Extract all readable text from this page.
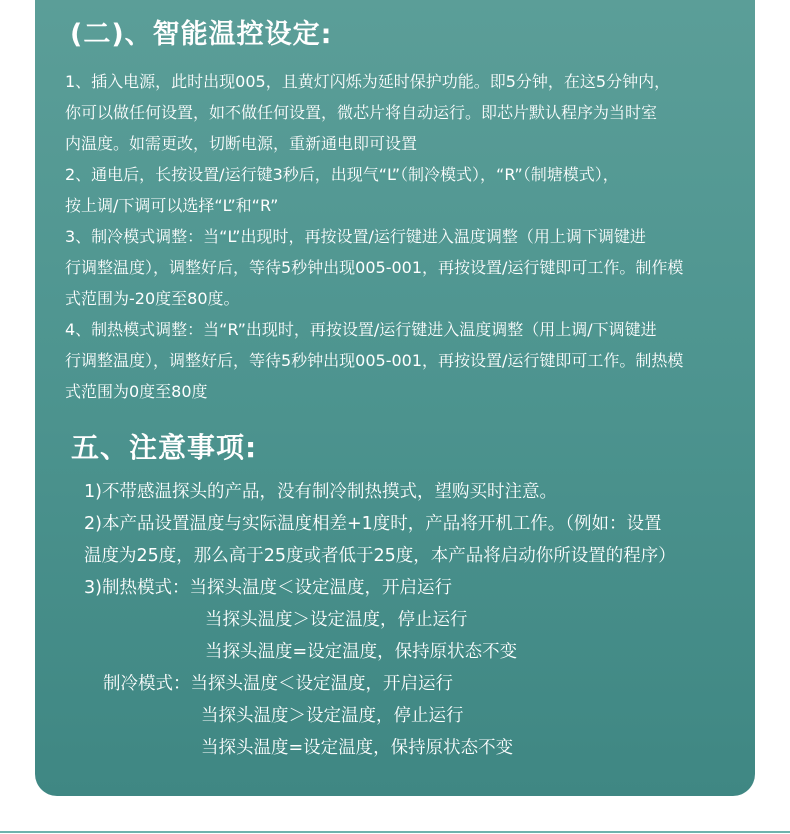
(二)、智能温控设定:
1、插入电源，此时出现005，且黄灯闪烁为延时保护功能。即5分钟，在这5分钟内，
你可以做任何设置，如不做任何设置，微芯片将自动运行。即芯片默认程序为当时室
内温度。如需更改，切断电源，重新通电即可设置
2、通电后，长按设置/运行键3秒后，出现气“L”（制冷模式），“R”（制塘模式），
按上调/下调可以选择“L”和“R”
3、制冷模式调整：当“L”出现时，再按设置/运行键进入温度调整（用上调下调键进
行调整温度），调整好后，等待5秒钟出现005-001，再按设置/运行键即可工作。制作模
式范围为-20度至80度。
4、制热模式调整：当“R”出现时，再按设置/运行键进入温度调整（用上调/下调键进
行调整温度），调整好后，等待5秒钟出现005-001，再按设置/运行键即可工作。制热模
式范围为0度至80度
五、注意事项:
1)不带感温探头的产品，没有制冷制热摸式，望购买时注意。
2)本产品设置温度与实际温度相差+1度时，产品将开机工作。（例如：设置
温度为25度，那么高于25度或者低于25度，本产品将启动你所设置的程序）
3)制热模式：当探头温度＜设定温度，开启运行
当探头温度＞设定温度，停止运行
当探头温度=设定温度，保持原状态不变
制冷模式：当探头温度＜设定温度，开启运行
当探头温度＞设定温度，停止运行
当探头温度=设定温度，保持原状态不变
